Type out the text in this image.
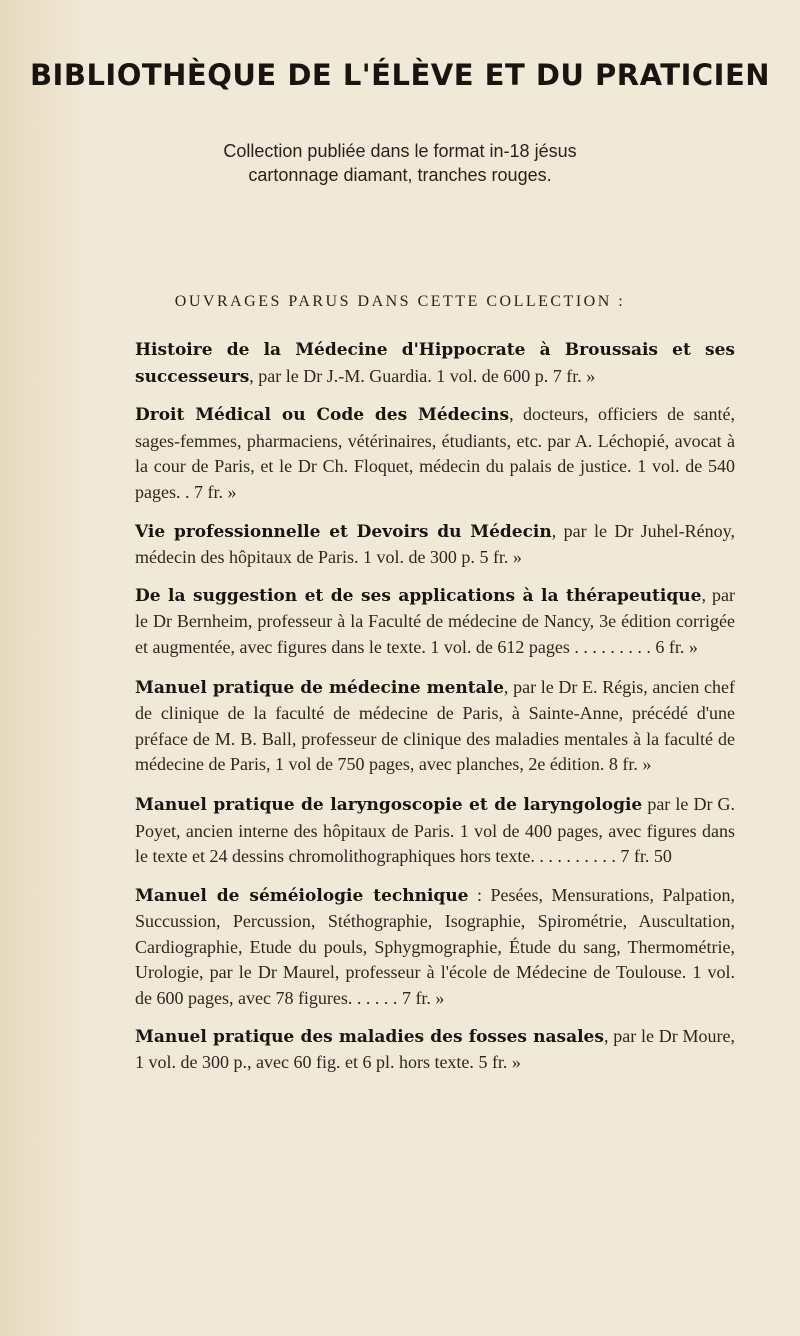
BIBLIOTHÈQUE DE L'ÉLÈVE ET DU PRATICIEN
Collection publiée dans le format in-18 jésus
cartonnage diamant, tranches rouges.
OUVRAGES PARUS DANS CETTE COLLECTION :

Histoire de la Médecine d'Hippocrate à Broussais et ses successeurs, par le Dr J.-M. Guardia. 1 vol. de 600 p. 7 fr. »

Droit Médical ou Code des Médecins, docteurs, officiers de santé, sages-femmes, pharmaciens, vétérinaires, étudiants, etc. par A. Léchopié, avocat à la cour de Paris, et le Dr Ch. Floquet, médecin du palais de justice. 1 vol. de 540 pages. . 7 fr. »

Vie professionnelle et Devoirs du Médecin, par le Dr Juhel-Rénoy, médecin des hôpitaux de Paris. 1 vol. de 300 p. 5 fr. »

De la suggestion et de ses applications à la thérapeutique, par le Dr Bernheim, professeur à la Faculté de médecine de Nancy, 3e édition corrigée et augmentée, avec figures dans le texte. 1 vol. de 612 pages . . . . . . . . . 6 fr. »

Manuel pratique de médecine mentale, par le Dr E. Régis, ancien chef de clinique de la faculté de médecine de Paris, à Sainte-Anne, précédé d'une préface de M. B. Ball, professeur de clinique des maladies mentales à la faculté de médecine de Paris, 1 vol de 750 pages, avec planches, 2e édition. 8 fr. »

Manuel pratique de laryngoscopie et de laryngologie par le Dr G. Poyet, ancien interne des hôpitaux de Paris. 1 vol de 400 pages, avec figures dans le texte et 24 dessins chromolithographiques hors texte. . . . . . . . . . 7 fr. 50

Manuel de séméiologie technique : Pesées, Mensurations, Palpation, Succussion, Percussion, Stéthographie, Isographie, Spirométrie, Auscultation, Cardiographie, Etude du pouls, Sphygmographie, Étude du sang, Thermométrie, Urologie, par le Dr Maurel, professeur à l'école de Médecine de Toulouse. 1 vol. de 600 pages, avec 78 figures. . . . . . 7 fr. »

Manuel pratique des maladies des fosses nasales, par le Dr Moure, 1 vol. de 300 p., avec 60 fig. et 6 pl. hors texte. 5 fr. »
